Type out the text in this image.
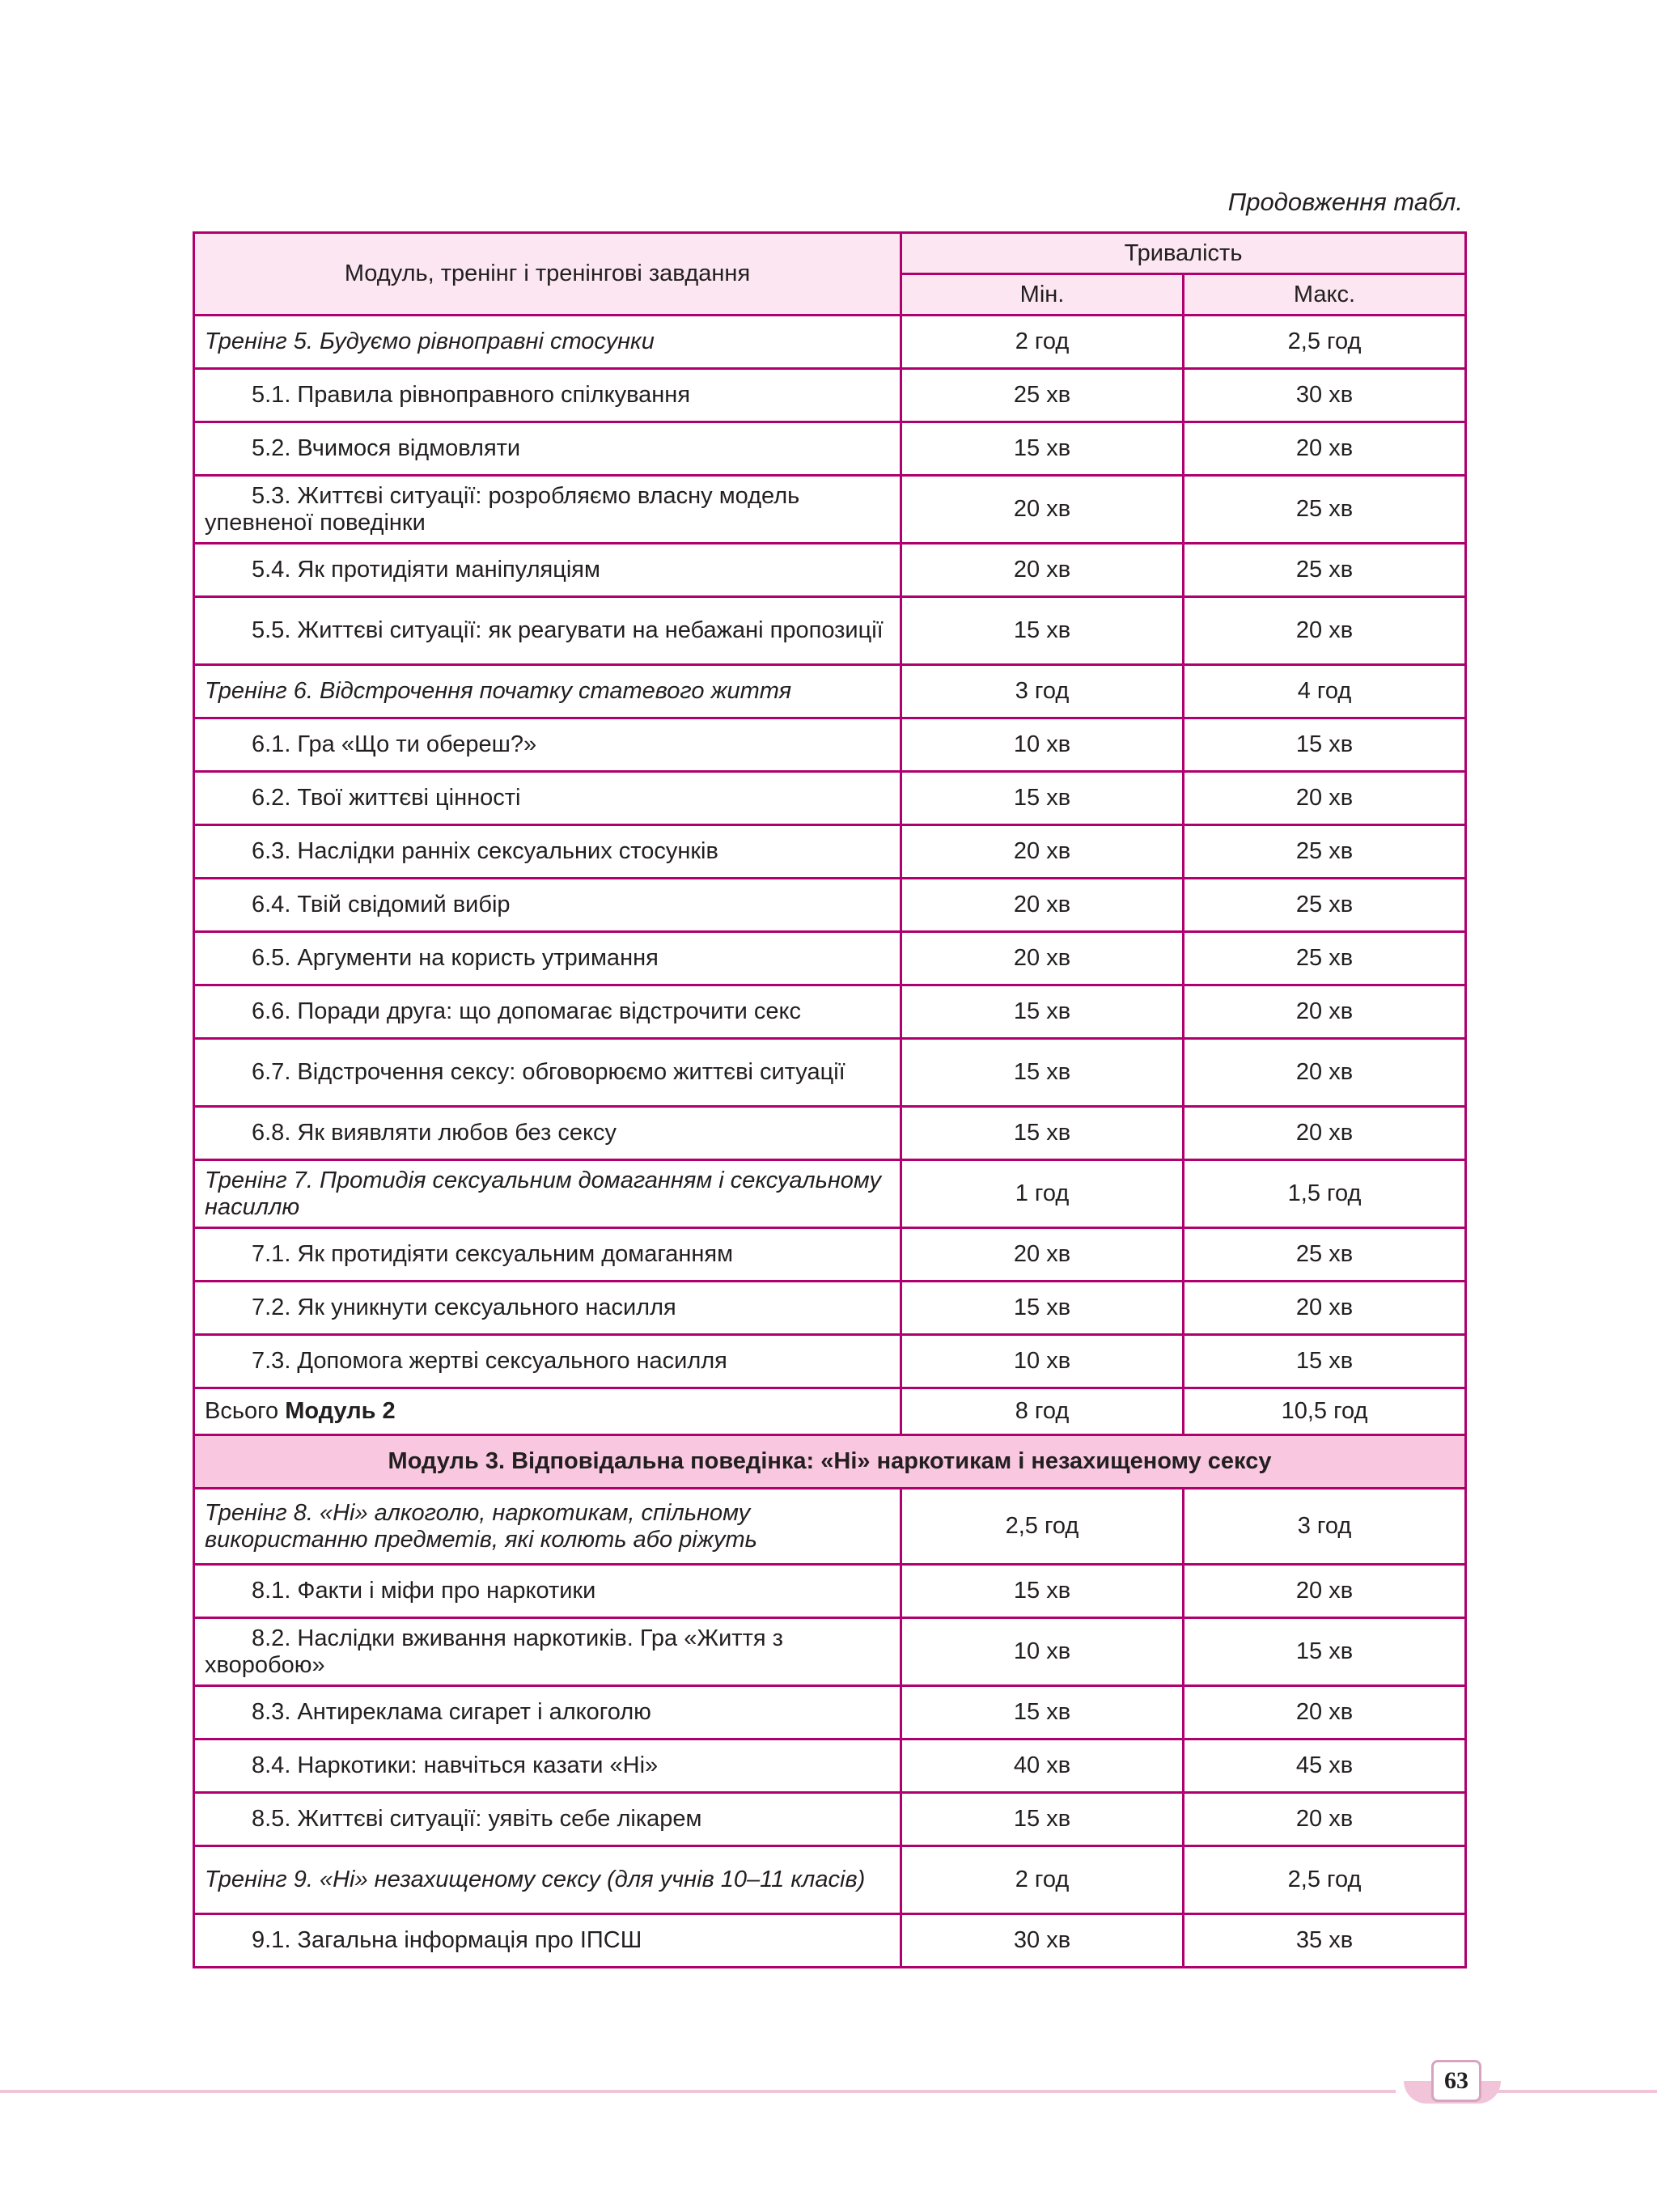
Продовження табл.
Модуль, тренінг і тренінгові завдання	Тривалість	
	Мін.	Макс.
Тренінг 5. Будуємо рівноправні стосунки	2 год	2,5 год
5.1. Правила рівноправного спілкування	25 хв	30 хв
5.2. Вчимося відмовляти	15 хв	20 хв
5.3. Життєві ситуації: розробляємо власну модель упевненої поведінки	20 хв	25 хв
5.4. Як протидіяти маніпуляціям	20 хв	25 хв
5.5. Життєві ситуації: як реагувати на небажані пропозиції	15 хв	20 хв
Тренінг 6. Відстрочення початку статевого життя	3 год	4 год
6.1. Гра «Що ти обереш?»	10 хв	15 хв
6.2. Твої життєві цінності	15 хв	20 хв
6.3. Наслідки ранніх сексуальних стосунків	20 хв	25 хв
6.4. Твій свідомий вибір	20 хв	25 хв
6.5. Аргументи на користь утримання	20 хв	25 хв
6.6. Поради друга: що допомагає відстрочити секс	15 хв	20 хв
6.7. Відстрочення сексу: обговорюємо життєві ситуації	15 хв	20 хв
6.8. Як виявляти любов без сексу	15 хв	20 хв
Тренінг 7. Протидія сексуальним домаганням і сексуальному насиллю	1 год	1,5 год
7.1. Як протидіяти сексуальним домаганням	20 хв	25 хв
7.2. Як уникнути сексуального насилля	15 хв	20 хв
7.3. Допомога жертві сексуального насилля	10 хв	15 хв
Всього Модуль 2	8 год	10,5 год
Модуль 3. Відповідальна поведінка: «Ні» наркотикам і незахищеному сексу		
Тренінг 8. «Ні» алкоголю, наркотикам, спільному використанню предметів, які колють або ріжуть	2,5 год	3 год
8.1. Факти і міфи про наркотики	15 хв	20 хв
8.2. Наслідки вживання наркотиків. Гра «Життя з хворобою»	10 хв	15 хв
8.3. Антиреклама сигарет і алкоголю	15 хв	20 хв
8.4. Наркотики: навчіться казати «Ні»	40 хв	45 хв
8.5. Життєві ситуації: уявіть себе лікарем	15 хв	20 хв
Тренінг 9. «Ні» незахищеному сексу (для учнів 10–11 класів)	2 год	2,5 год
9.1. Загальна інформація про ІПСШ	30 хв	35 хв
63
